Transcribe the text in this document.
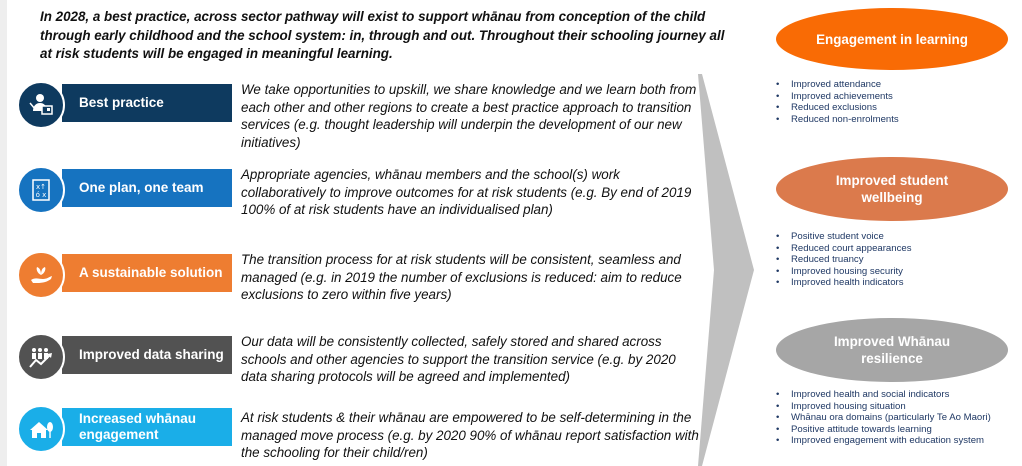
In 2028, a best practice, across sector pathway will exist to support whānau from conception of the child through early childhood and the school system: in, through and out. Throughout their schooling journey all at risk students will be engaged in meaningful learning.
Best practice
We take opportunities to upskill, we share knowledge and we learn both from each other and other regions to create a best practice approach to transition services (e.g. thought leadership will underpin the development of our new initiatives)
x↑
ó x One plan, one team
Appropriate agencies, whānau members and the school(s) work collaboratively to improve outcomes for at risk students (e.g. By end of 2019 100% of at risk students have an individualised plan)
A sustainable solution
The transition process for at risk students will be consistent, seamless and managed (e.g. in 2019 the number of exclusions is reduced: aim to reduce exclusions to zero within five years)
Improved data sharing
Our data will be consistently collected, safely stored and shared across schools and other agencies to support the transition service (e.g. by 2020 data sharing protocols will be agreed and implemented)
Increased whānau engagement
At risk students & their whānau are empowered to be self-determining in the managed move process (e.g. by 2020 90% of whānau report satisfaction with the schooling for their child/ren)
Engagement in learning
• Improved attendance
• Improved achievements
• Reduced exclusions
• Reduced non-enrolments
Improved student wellbeing
• Positive student voice
• Reduced court appearances
• Reduced truancy
• Improved housing security
• Improved health indicators
Improved Whānau resilience
• Improved health and social indicators
• Improved housing situation
• Whānau ora domains (particularly Te Ao Maori)
• Positive attitude towards learning
• Improved engagement with education system
